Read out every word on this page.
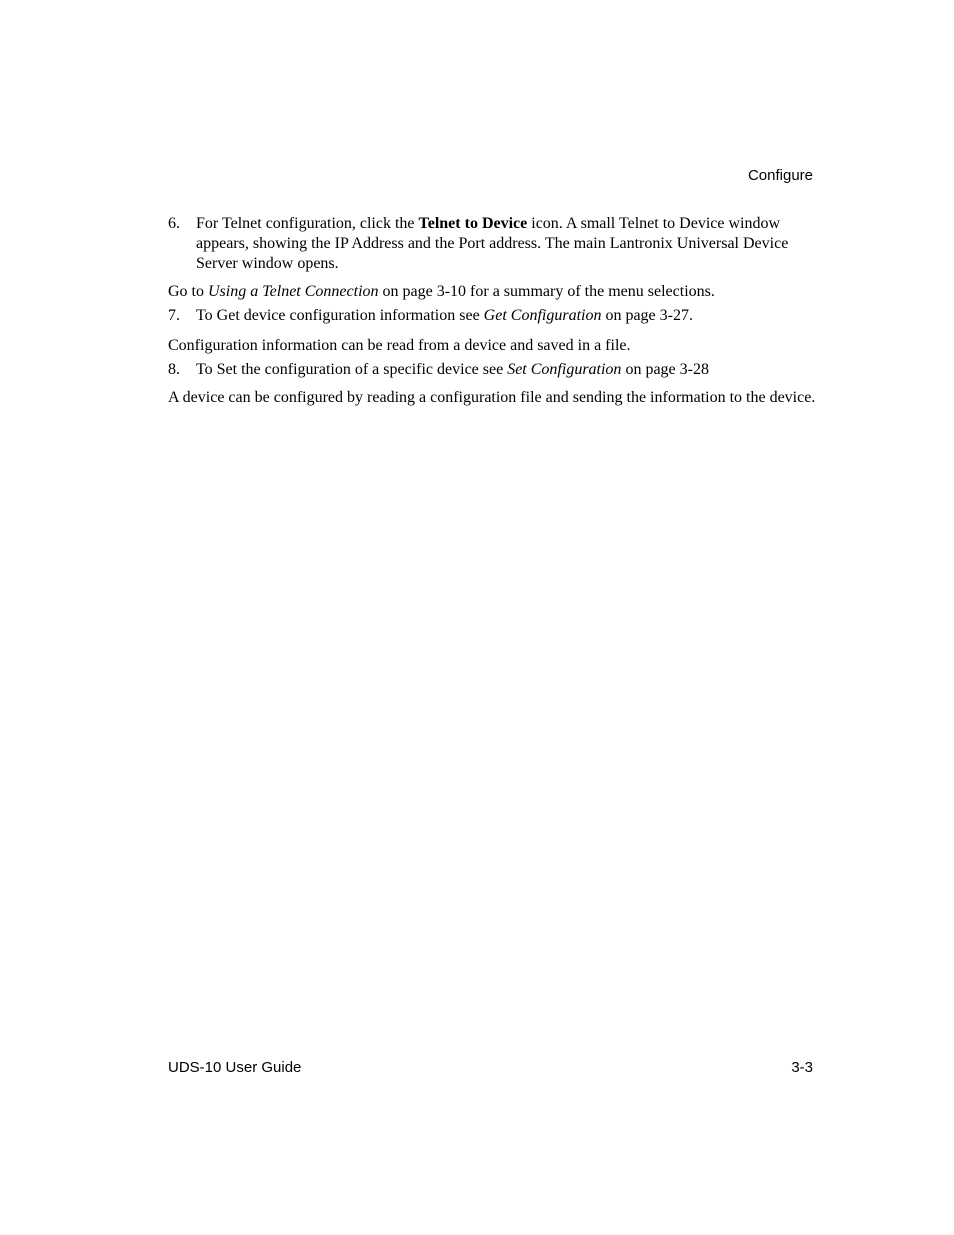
Configure
6. For Telnet configuration, click the Telnet to Device icon. A small Telnet to Device window appears, showing the IP Address and the Port address. The main Lantronix Universal Device Server window opens.

Go to Using a Telnet Connection on page 3-10 for a summary of the menu selections.

7. To Get device configuration information see Get Configuration on page 3-27.

Configuration information can be read from a device and saved in a file.

8. To Set the configuration of a specific device see Set Configuration on page 3-28

A device can be configured by reading a configuration file and sending the information to the device.

UDS-10 User Guide	3-3
